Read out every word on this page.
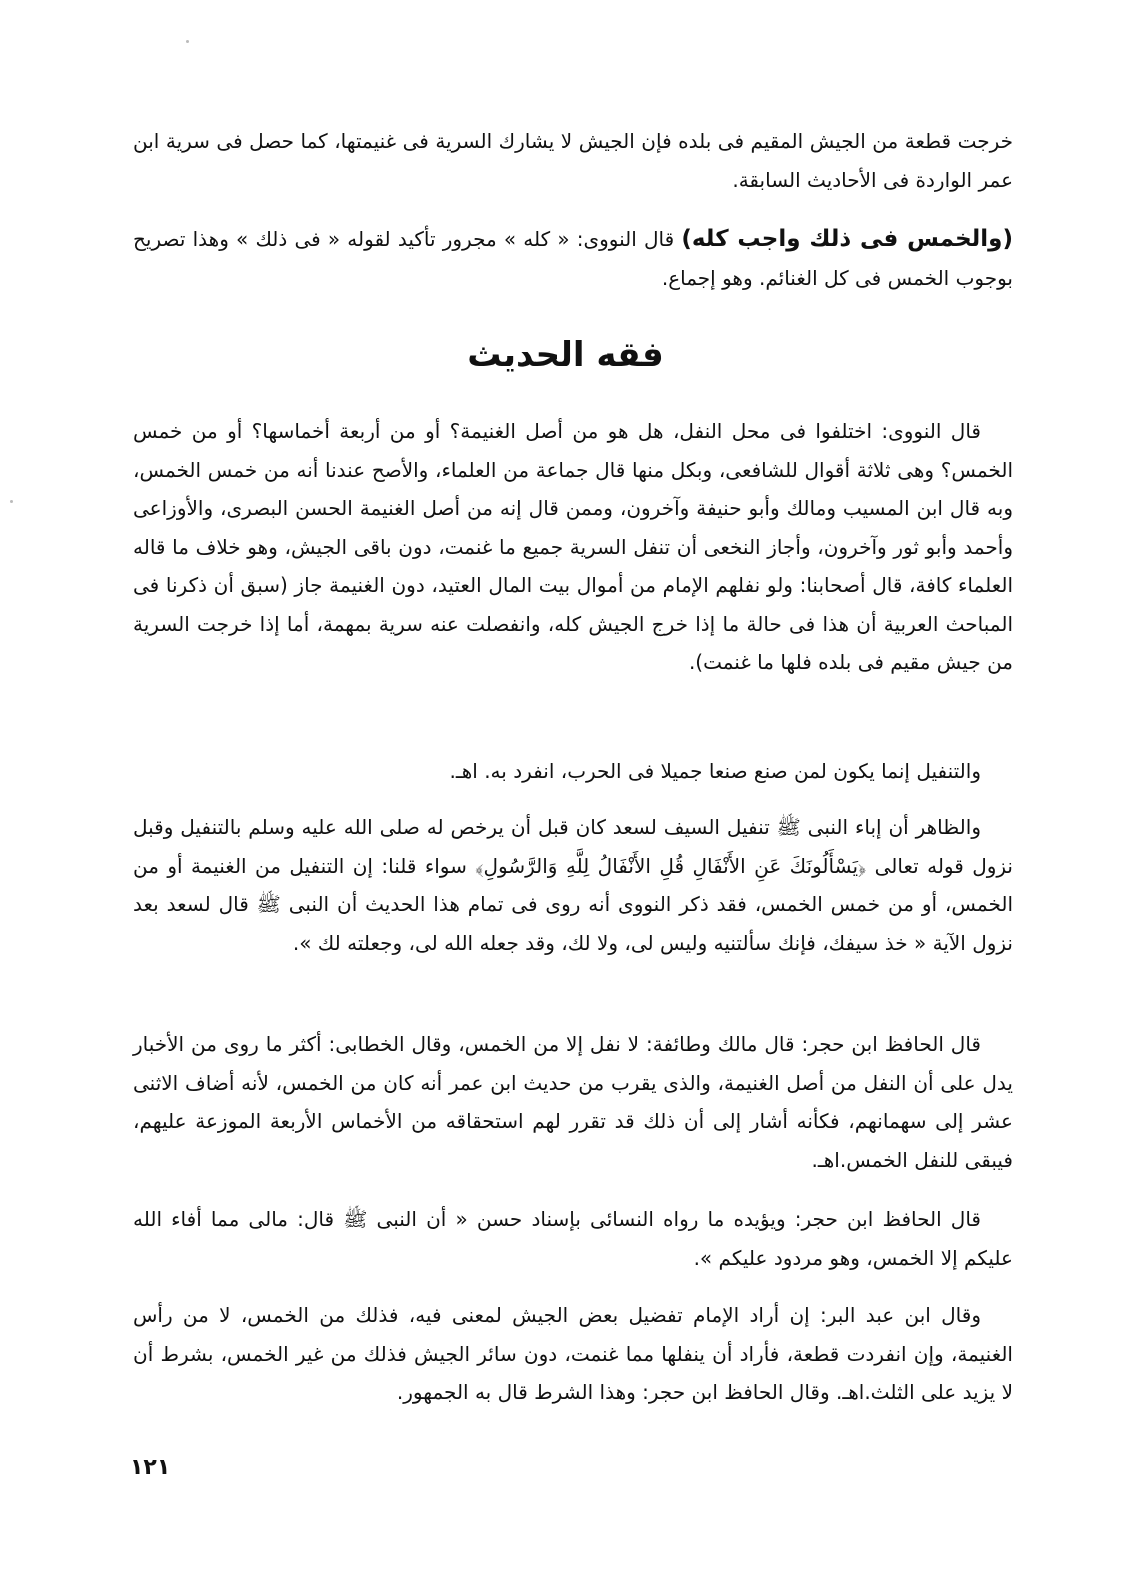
خرجت قطعة من الجيش المقيم فى بلده فإن الجيش لا يشارك السرية فى غنيمتها، كما حصل فى سرية ابن عمر الواردة فى الأحاديث السابقة.

(والخمس فى ذلك واجب كله) قال النووى: « كله » مجرور تأكيد لقوله « فى ذلك » وهذا تصريح بوجوب الخمس فى كل الغنائم. وهو إجماع.

فقه الحديث

قال النووى: اختلفوا فى محل النفل، هل هو من أصل الغنيمة؟ أو من أربعة أخماسها؟ أو من خمس الخمس؟ وهى ثلاثة أقوال للشافعى، وبكل منها قال جماعة من العلماء، والأصح عندنا أنه من خمس الخمس، وبه قال ابن المسيب ومالك وأبو حنيفة وآخرون، وممن قال إنه من أصل الغنيمة الحسن البصرى، والأوزاعى وأحمد وأبو ثور وآخرون، وأجاز النخعى أن تنفل السرية جميع ما غنمت، دون باقى الجيش، وهو خلاف ما قاله العلماء كافة، قال أصحابنا: ولو نفلهم الإمام من أموال بيت المال العتيد، دون الغنيمة جاز (سبق أن ذكرنا فى المباحث العربية أن هذا فى حالة ما إذا خرج الجيش كله، وانفصلت عنه سرية بمهمة، أما إذا خرجت السرية من جيش مقيم فى بلده فلها ما غنمت).

والتنفيل إنما يكون لمن صنع صنعا جميلا فى الحرب، انفرد به. اهـ.

والظاهر أن إباء النبى ﷺ تنفيل السيف لسعد كان قبل أن يرخص له صلى الله عليه وسلم بالتنفيل وقبل نزول قوله تعالى ﴿يَسْأَلُونَكَ عَنِ الأَنْفَالِ قُلِ الأَنْفَالُ لِلَّهِ وَالرَّسُولِ﴾ سواء قلنا: إن التنفيل من الغنيمة أو من الخمس، أو من خمس الخمس، فقد ذكر النووى أنه روى فى تمام هذا الحديث أن النبى ﷺ قال لسعد بعد نزول الآية « خذ سيفك، فإنك سألتنيه وليس لى، ولا لك، وقد جعله الله لى، وجعلته لك ».

قال الحافظ ابن حجر: قال مالك وطائفة: لا نفل إلا من الخمس، وقال الخطابى: أكثر ما روى من الأخبار يدل على أن النفل من أصل الغنيمة، والذى يقرب من حديث ابن عمر أنه كان من الخمس، لأنه أضاف الاثنى عشر إلى سهمانهم، فكأنه أشار إلى أن ذلك قد تقرر لهم استحقاقه من الأخماس الأربعة الموزعة عليهم، فيبقى للنفل الخمس.اهـ.

قال الحافظ ابن حجر: ويؤيده ما رواه النسائى بإسناد حسن « أن النبى ﷺ قال: مالى مما أفاء الله عليكم إلا الخمس، وهو مردود عليكم ».

وقال ابن عبد البر: إن أراد الإمام تفضيل بعض الجيش لمعنى فيه، فذلك من الخمس، لا من رأس الغنيمة، وإن انفردت قطعة، فأراد أن ينفلها مما غنمت، دون سائر الجيش فذلك من غير الخمس، بشرط أن لا يزيد على الثلث.اهـ. وقال الحافظ ابن حجر: وهذا الشرط قال به الجمهور.

١٢١
